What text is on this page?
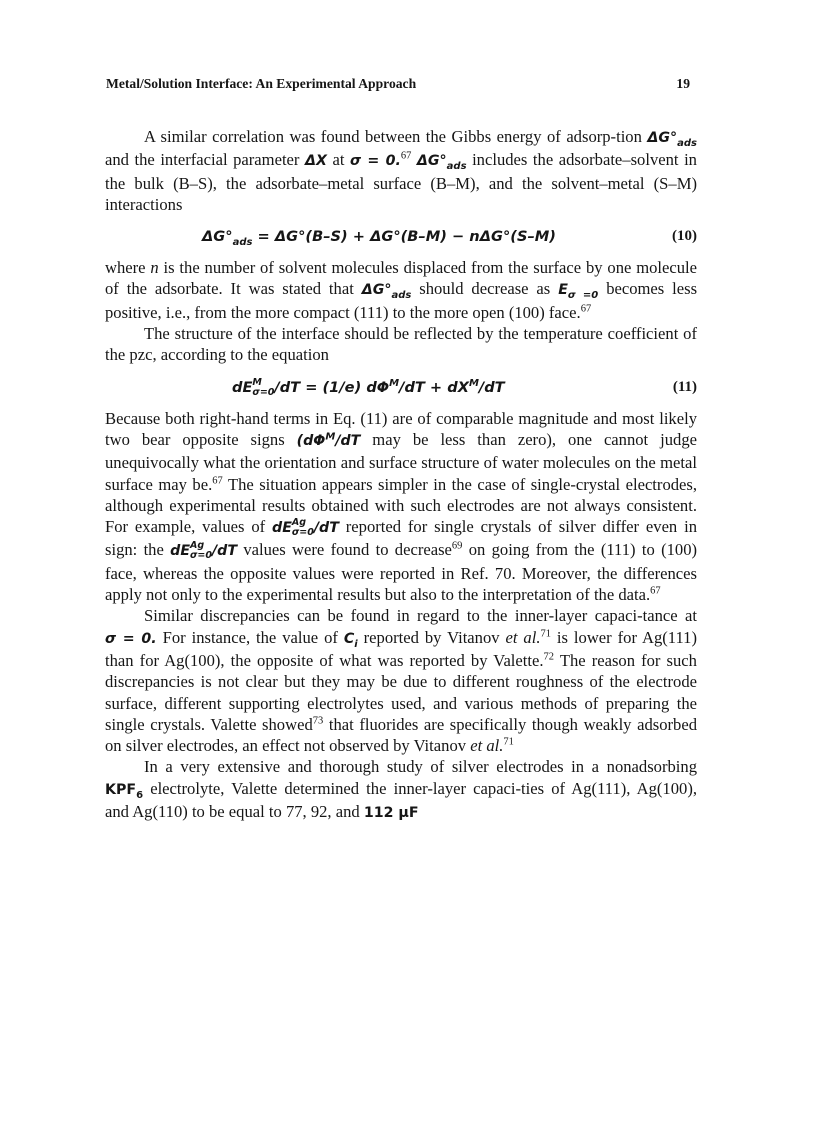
Metal/Solution Interface: An Experimental Approach	19

A similar correlation was found between the Gibbs energy of adsorp-tion $\Delta G^\circ_{ads}$ and the interfacial parameter ΔX at σ = 0.67 $\Delta G^\circ_{ads}$ includes the adsorbate–solvent in the bulk (B–S), the adsorbate–metal surface (B–M), and the solvent–metal (S–M) interactions

$\Delta G^\circ_{ads} = \Delta G^\circ(B-S) + \Delta G^\circ(B-M) - n\Delta G^\circ(S-M)$	(10)

where n is the number of solvent molecules displaced from the surface by one molecule of the adsorbate. It was stated that $\Delta G^\circ_{ads}$ should decrease as $E_{\sigma =0}$ becomes less positive, i.e., from the more compact (111) to the more open (100) face.$^{67}$

The structure of the interface should be reflected by the temperature coefficient of the pzc, according to the equation

dE M
σ=0 /dT = (1/e) $d\Phi^M/dT + dX^M/dT$	(11)

Because both right-hand terms in Eq. (11) are of comparable magnitude and most likely two bear opposite signs ($d\Phi^M/dT$ may be less than zero), one cannot judge unequivocally what the orientation and surface structure of water molecules on the metal surface may be.$^{67}$ The situation appears simpler in the case of single-crystal electrodes, although experimental results obtained with such electrodes are not always consistent. For example, values of dE Ag
σ=0 /dT reported for single crystals of silver differ even in sign: the dE Ag
σ=0 /dT values were found to decrease$^{69}$ on going from the (111) to (100) face, whereas the opposite values were reported in Ref. 70. Moreover, the differences apply not only to the experimental results but also to the interpretation of the data.$^{67}$

Similar discrepancies can be found in regard to the inner-layer capaci-tance at σ = 0. For instance, the value of $C_i$ reported by Vitanov et al.$^{71}$ is lower for Ag(111) than for Ag(100), the opposite of what was reported by Valette.$^{72}$ The reason for such discrepancies is not clear but they may be due to different roughness of the electrode surface, different supporting electrolytes used, and various methods of preparing the single crystals. Valette showed$^{73}$ that fluorides are specifically though weakly adsorbed on silver electrodes, an effect not observed by Vitanov et al.$^{71}$

In a very extensive and thorough study of silver electrodes in a nonadsorbing $KPF_6$ electrolyte, Valette determined the inner-layer capaci-ties of Ag(111), Ag(100), and Ag(110) to be equal to 77, 92, and 112 μF
